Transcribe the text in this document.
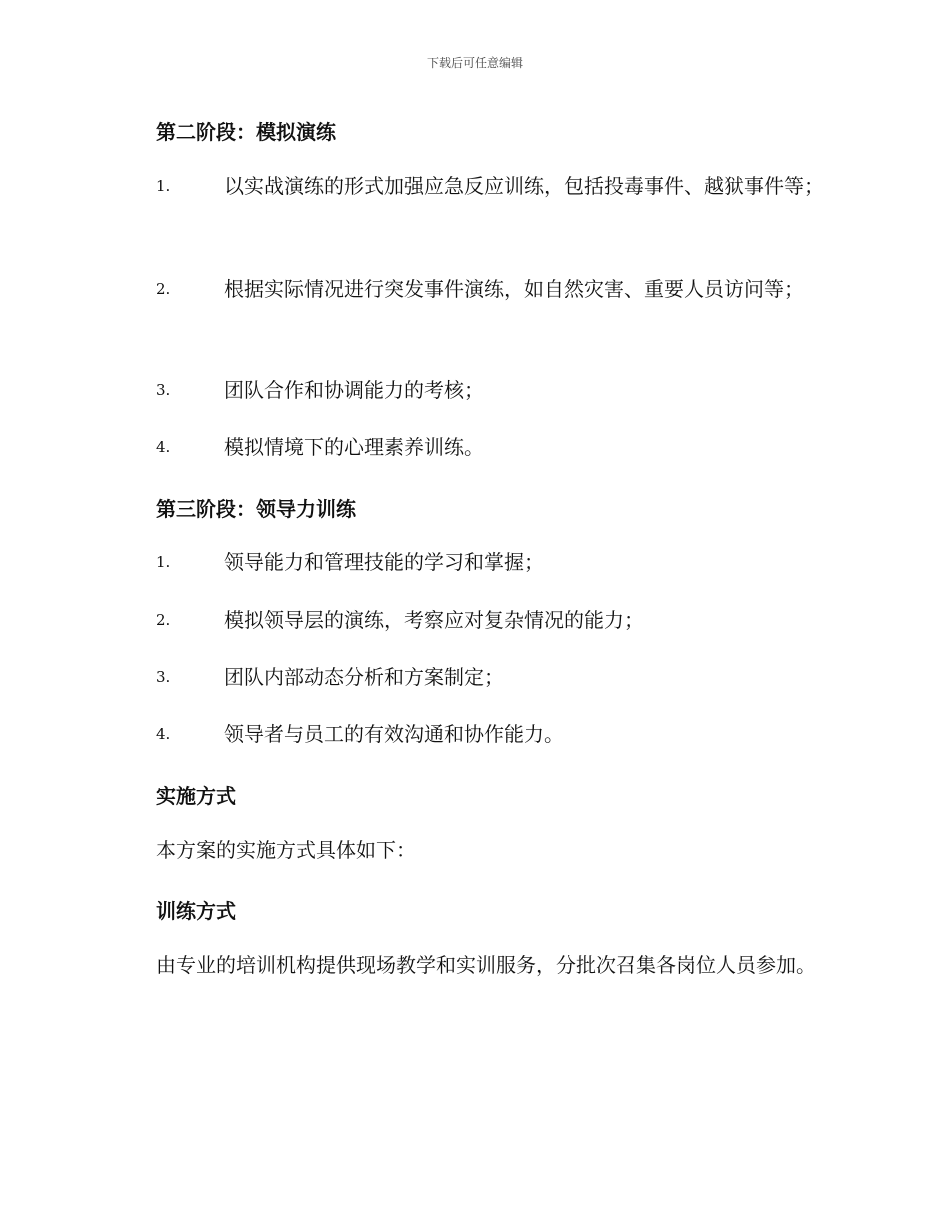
下载后可任意编辑
第二阶段：模拟演练
1.	以实战演练的形式加强应急反应训练，包括投毒事件、越狱事件等；
2.	根据实际情况进行突发事件演练，如自然灾害、重要人员访问等；
3.	团队合作和协调能力的考核；
4.	模拟情境下的心理素养训练。
第三阶段：领导力训练
1.	领导能力和管理技能的学习和掌握；
2.	模拟领导层的演练，考察应对复杂情况的能力；
3.	团队内部动态分析和方案制定；
4.	领导者与员工的有效沟通和协作能力。
实施方式
本方案的实施方式具体如下：
训练方式
由专业的培训机构提供现场教学和实训服务，分批次召集各岗位人员参加。
